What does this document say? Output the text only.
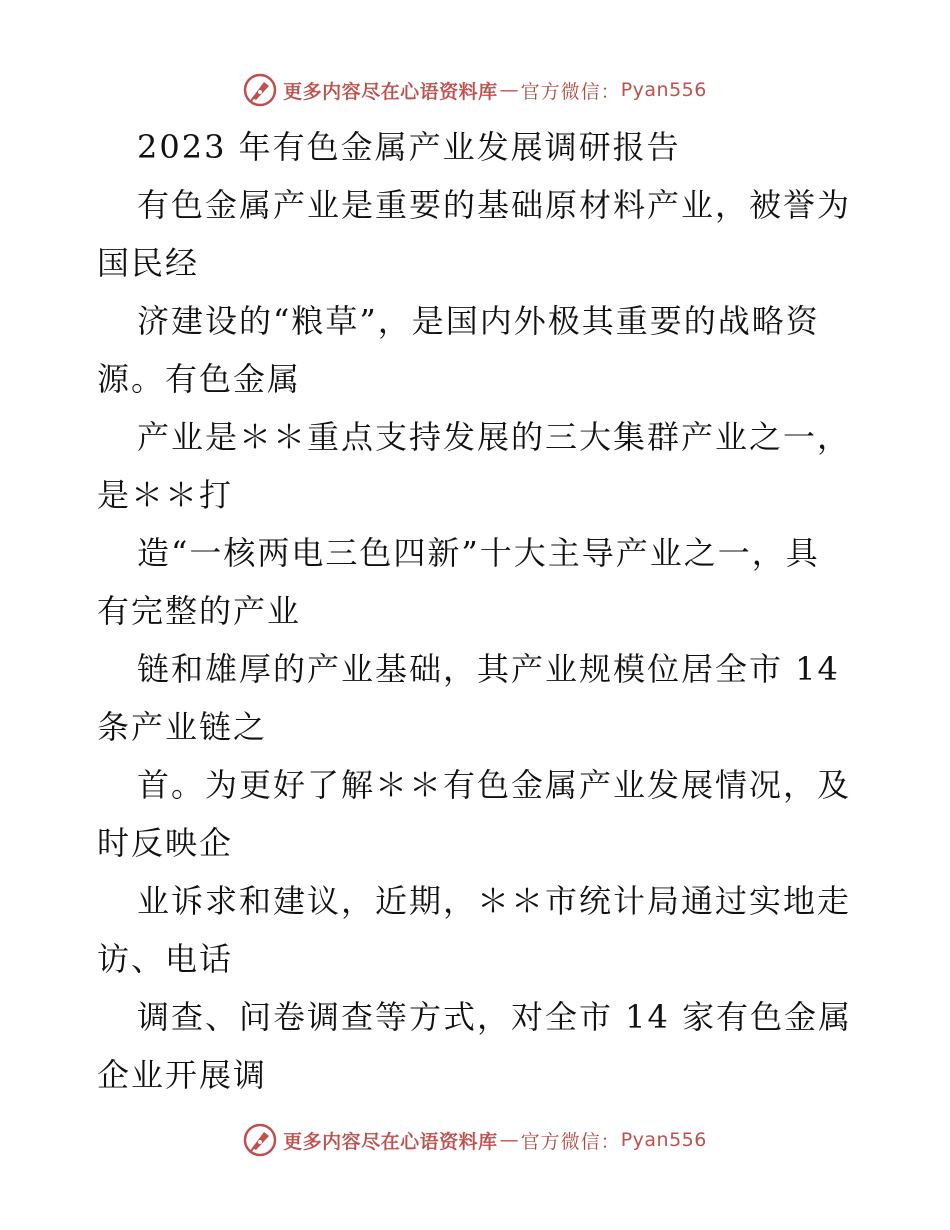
更多内容尽在心语资料库 — 官方微信： Pyan556
2023 年有色金属产业发展调研报告

有色金属产业是重要的基础原材料产业，被誉为
国民经

济建设的“粮草”，是国内外极其重要的战略资
源。有色金属

产业是＊＊重点支持发展的三大集群产业之一，
是＊＊打

造“一核两电三色四新”十大主导产业之一，具
有完整的产业

链和雄厚的产业基础，其产业规模位居全市 14
条产业链之

首。为更好了解＊＊有色金属产业发展情况，及
时反映企

业诉求和建议，近期，＊＊市统计局通过实地走
访、电话

调查、问卷调查等方式，对全市 14 家有色金属
企业开展调

更多内容尽在心语资料库 — 官方微信： Pyan556
